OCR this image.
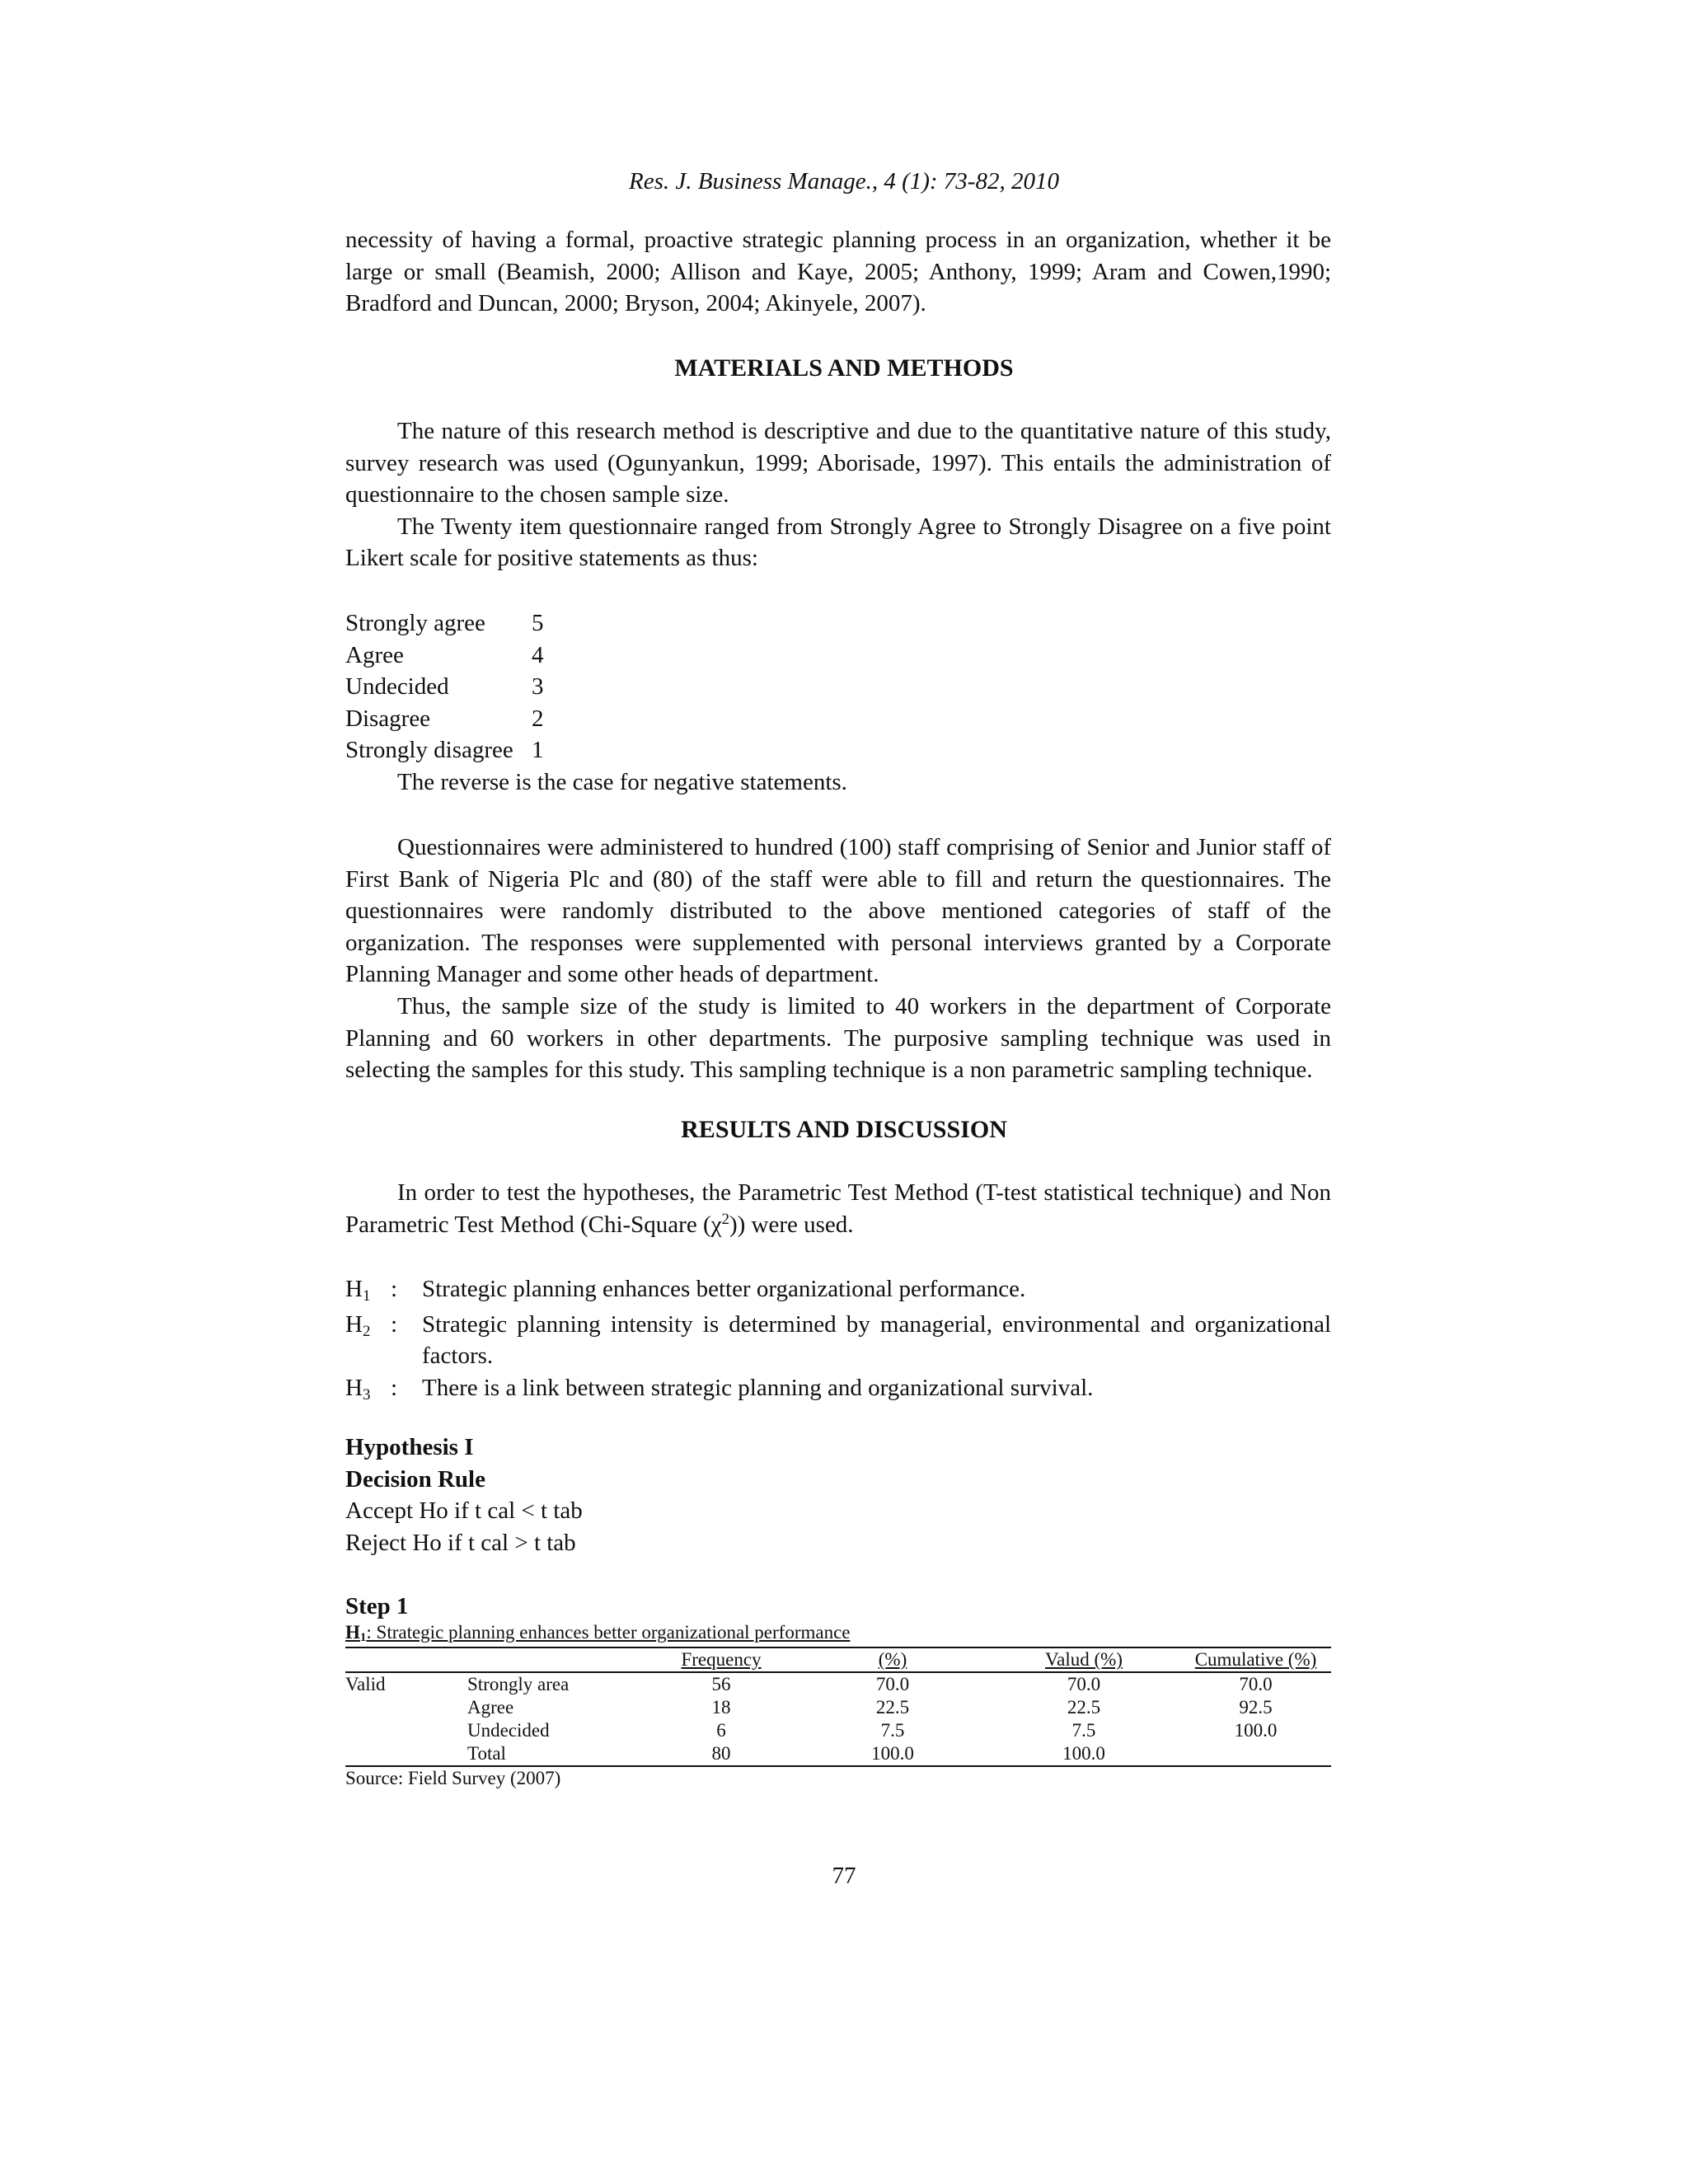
Res. J. Business Manage., 4 (1): 73-82, 2010

necessity of having a formal, proactive strategic planning process in an organization, whether it be large or small (Beamish, 2000; Allison and Kaye, 2005; Anthony, 1999; Aram and Cowen,1990; Bradford and Duncan, 2000; Bryson, 2004; Akinyele, 2007).

MATERIALS AND METHODS

The nature of this research method is descriptive and due to the quantitative nature of this study, survey research was used (Ogunyankun, 1999; Aborisade, 1997). This entails the administration of questionnaire to the chosen sample size.

The Twenty item questionnaire ranged from Strongly Agree to Strongly Disagree on a five point Likert scale for positive statements as thus:

Strongly agree	5
Agree	4
Undecided	3
Disagree	2
Strongly disagree 1

The reverse is the case for negative statements.

Questionnaires were administered to hundred (100) staff comprising of Senior and Junior staff of First Bank of Nigeria Plc and (80) of the staff were able to fill and return the questionnaires. The questionnaires were randomly distributed to the above mentioned categories of staff of the organization. The responses were supplemented with personal interviews granted by a Corporate Planning Manager and some other heads of department.

Thus, the sample size of the study is limited to 40 workers in the department of Corporate Planning and 60 workers in other departments. The purposive sampling technique was used in selecting the samples for this study. This sampling technique is a non parametric sampling technique.

RESULTS AND DISCUSSION

In order to test the hypotheses, the Parametric Test Method (T-test statistical technique) and Non Parametric Test Method (Chi-Square $(\chi^2)$) were used.

H1 :	Strategic planning enhances better organizational performance.
H2 :	Strategic planning intensity is determined by managerial, environmental and organizational factors.
H3 :	There is a link between strategic planning and organizational survival.
Hypothesis I
Decision Rule
Accept Ho if t cal < t tab
Reject Ho if t cal > t tab
Step 1
H1: Strategic planning enhances better organizational performance
		Frequency	(%)	Valud (%)	Cumulative (%)
Valid	Strongly area	56	70.0	70.0	70.0
	Agree	18	22.5	22.5	92.5
	Undecided	6	7.5	7.5	100.0
	Total	80	100.0	100.0	
Source: Field Survey (2007)
77
